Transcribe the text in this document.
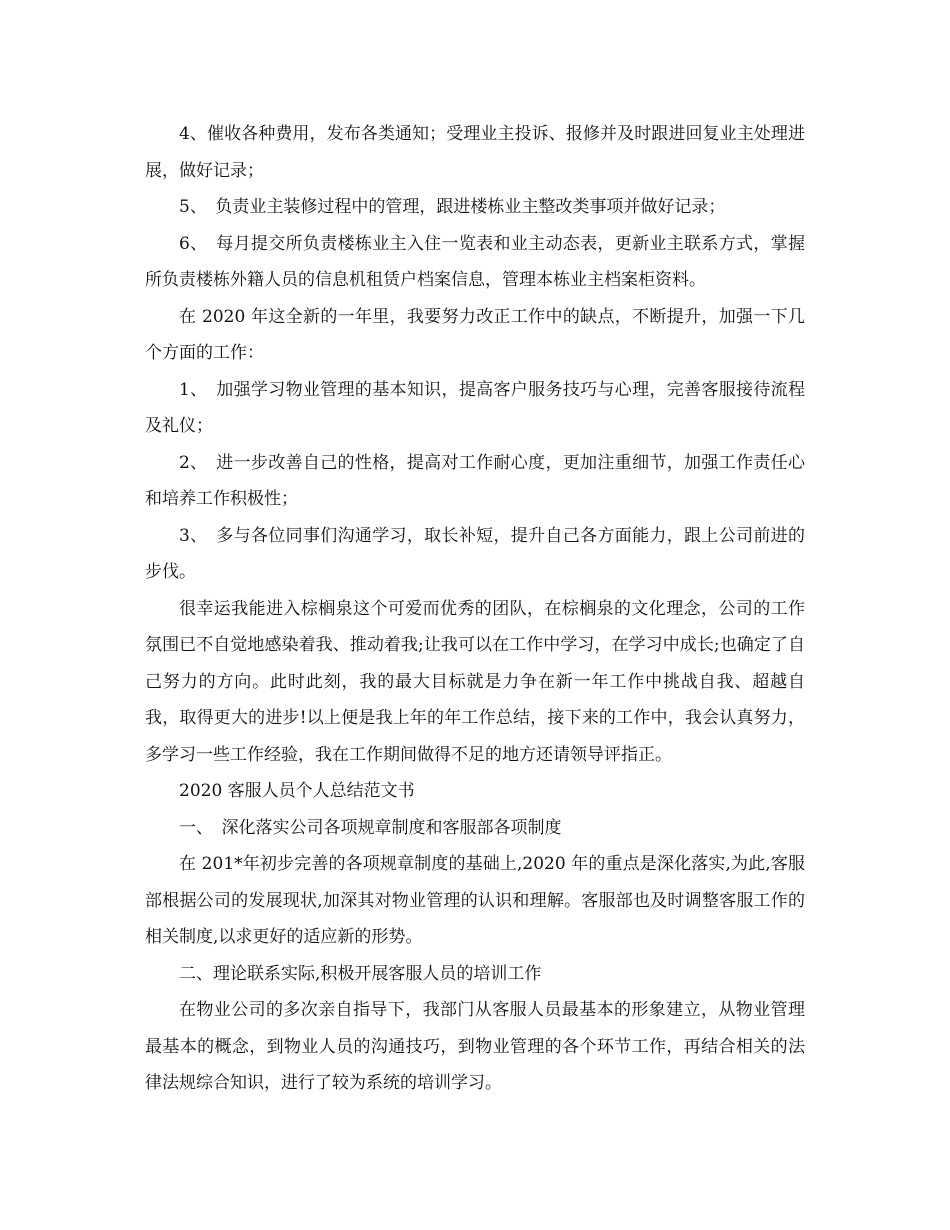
4、催收各种费用，发布各类通知；受理业主投诉、报修并及时跟进回复业主处理进展，做好记录；

5、　负责业主装修过程中的管理，跟进楼栋业主整改类事项并做好记录；

6、　每月提交所负责楼栋业主入住一览表和业主动态表，更新业主联系方式，掌握所负责楼栋外籍人员的信息机租赁户档案信息，管理本栋业主档案柜资料。

在 2020 年这全新的一年里，我要努力改正工作中的缺点，不断提升，加强一下几个方面的工作：

1、　加强学习物业管理的基本知识，提高客户服务技巧与心理，完善客服接待流程及礼仪；

2、　进一步改善自己的性格，提高对工作耐心度，更加注重细节，加强工作责任心和培养工作积极性；

3、　多与各位同事们沟通学习，取长补短，提升自己各方面能力，跟上公司前进的步伐。

很幸运我能进入棕榈泉这个可爱而优秀的团队，在棕榈泉的文化理念，公司的工作氛围已不自觉地感染着我、推动着我;让我可以在工作中学习，在学习中成长;也确定了自己努力的方向。此时此刻，我的最大目标就是力争在新一年工作中挑战自我、超越自我，取得更大的进步!以上便是我上年的年工作总结，接下来的工作中，我会认真努力，多学习一些工作经验，我在工作期间做得不足的地方还请领导评指正。

2020 客服人员个人总结范文书

一、　深化落实公司各项规章制度和客服部各项制度

在 201*年初步完善的各项规章制度的基础上,2020 年的重点是深化落实,为此,客服部根据公司的发展现状,加深其对物业管理的认识和理解。客服部也及时调整客服工作的相关制度,以求更好的适应新的形势。

二、理论联系实际,积极开展客服人员的培训工作

在物业公司的多次亲自指导下，我部门从客服人员最基本的形象建立，从物业管理最基本的概念，到物业人员的沟通技巧，到物业管理的各个环节工作，再结合相关的法律法规综合知识，进行了较为系统的培训学习。
